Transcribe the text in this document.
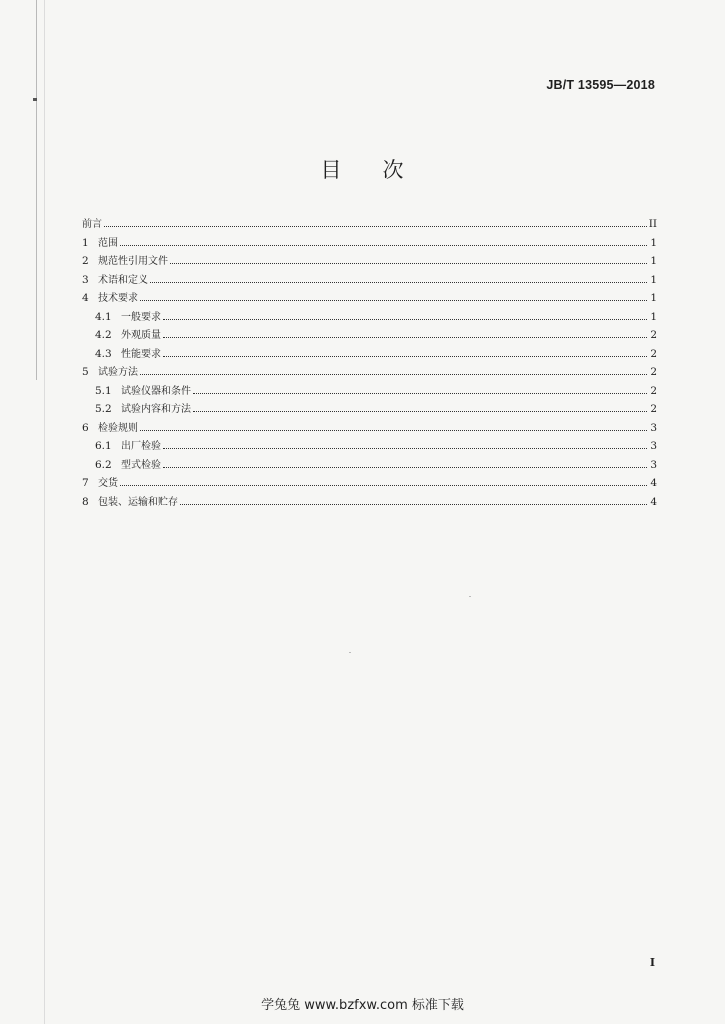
JB/T 13595—2018
目 次
前言	II
1 范围	1
2 规范性引用文件	1
3 术语和定义	1
4 技术要求	1
4.1 一般要求	1
4.2 外观质量	2
4.3 性能要求	2
5 试验方法	2
5.1 试验仪器和条件	2
5.2 试验内容和方法	2
6 检验规则	3
6.1 出厂检验	3
6.2 型式检验	3
7 交货	4
8 包装、运输和贮存	4
I
学兔兔 www.bzfxw.com 标准下载
